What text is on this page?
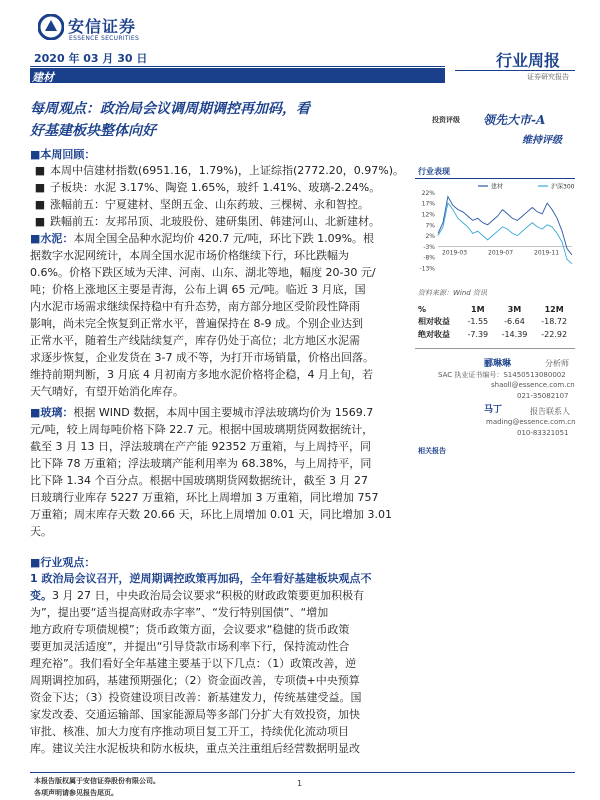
安信证券
ESSENCE SECURITIES
2020 年 03 月 30 日
建材
行业周报
证券研究报告
每周观点：政治局会议调周期调控再加码，看
好基建板块整体向好
投资评级 领先大市-A
维持评级
■本周回顾：
■ 本周中信建材指数(6951.16，1.79%)，上证综指(2772.20，0.97%)。
■ 子板块：水泥 3.17%、陶瓷 1.65%，玻纤 1.41%、玻璃-2.24%。
■ 涨幅前五：宁夏建材、坚朗五金、山东药玻、三棵树、永和智控。
■ 跌幅前五：友邦吊顶、北玻股份、建研集团、韩建河山、北新建材。
■水泥：本周全国全品种水泥均价 420.7 元/吨，环比下跌 1.09%。根
据数字水泥网统计，本周全国水泥市场价格继续下行，环比跌幅为
0.6%。价格下跌区域为天津、河南、山东、湖北等地，幅度 20-30 元/
吨；价格上涨地区主要是青海，公布上调 65 元/吨。临近 3 月底，国
内水泥市场需求继续保持稳中有升态势，南方部分地区受阶段性降雨
影响，尚未完全恢复到正常水平，普遍保持在 8-9 成。个别企业达到
正常水平，随着生产线陆续复产，库存仍处于高位；北方地区水泥需
求逐步恢复，企业发货在 3-7 成不等，为打开市场销量，价格出回落。
维持前期判断，3 月底 4 月初南方多地水泥价格将企稳，4 月上旬，若
天气晴好，有望开始消化库存。
■玻璃：根据 WIND 数据，本周中国主要城市浮法玻璃均价为 1569.7
元/吨，较上周每吨价格下降 22.7 元。根据中国玻璃期货网数据统计，
截至 3 月 13 日，浮法玻璃在产产能 92352 万重箱，与上周持平，同
比下降 78 万重箱；浮法玻璃产能利用率为 68.38%，与上周持平，同
比下降 1.34 个百分点。根据中国玻璃期货网数据统计，截至 3 月 27
日玻璃行业库存 5227 万重箱，环比上周增加 3 万重箱，同比增加 757
万重箱；周末库存天数 20.66 天，环比上周增加 0.01 天，同比增加 3.01
天。
■行业观点：
1 政治局会议召开，逆周期调控政策再加码，全年看好基建板块观点不
变。3 月 27 日，中央政治局会议要求“积极的财政政策要更加积极有
为”，提出要“适当提高财政赤字率”、“发行特别国债”、“增加
地方政府专项债规模”；货币政策方面，会议要求“稳健的货币政策
要更加灵活适度”，并提出“引导贷款市场利率下行，保持流动性合
理充裕”。我们看好全年基建主要基于以下几点：（1）政策改善，逆
周期调控加码，基建预期强化；（2）资金面改善，专项债+中央预算
资金下达；（3）投资建设项目改善：新基建发力，传统基建受益。国
家发改委、交通运输部、国家能源局等多部门分扩大有效投资，加快
审批、核准、加大力度有序推动项目复工开工，持续优化流动项目
库。建议关注水泥板块和防水板块，重点关注重组后经营数据明显改
行业表现
22%
17%
12%
7%
2%
-3%
-8%
-13%
2019-03	2019-07	2019-11
建材	沪深300
资料来源：Wind 资讯
%	1M	3M	12M
相对收益	-1.55	-6.64	-18.72
绝对收益	-7.39	-14.39	-22.92
郦琳琳	分析师
SAC 执业证书编号：S1450513080002
shaoll@essence.com.cn
021-35082107
马丁	报告联系人
mading@essence.com.cn
010-83321051
相关报告
本报告版权属于安信证券股份有限公司。
各项声明请参见报告尾页。
1
